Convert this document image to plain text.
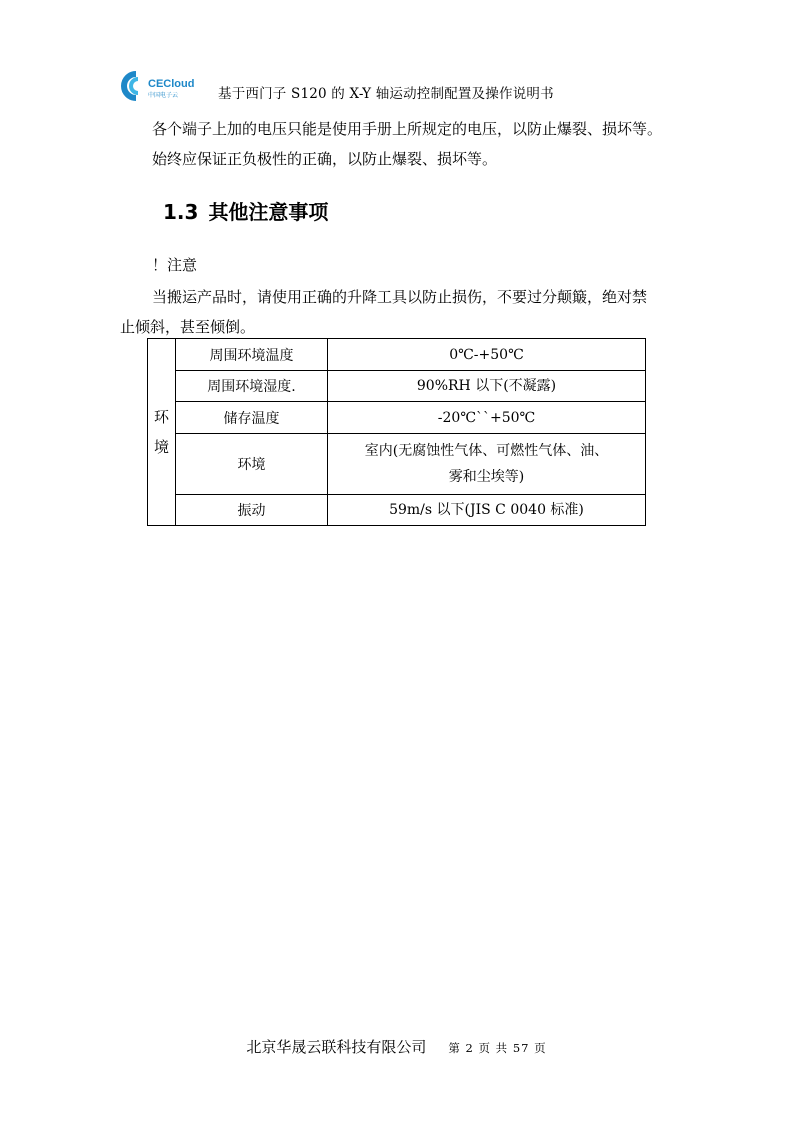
CECloud
中国电子云	基于西门子 S120 的 X-Y 轴运动控制配置及操作说明书
各个端子上加的电压只能是使用手册上所规定的电压，以防止爆裂、损坏等。
始终应保证正负极性的正确，以防止爆裂、损坏等。
1.3 其他注意事项
！注意
当搬运产品时，请使用正确的升降工具以防止损伤，不要过分颠簸，绝对禁
止倾斜，甚至倾倒。
环
境	周围环境温度	0℃-+50℃
	周围环境湿度.	90%RH 以下(不凝露)
	储存温度	-20℃``+50℃
	环境	室内(无腐蚀性气体、可燃性气体、油、
雾和尘埃等)

	振动	59m/s 以下(JIS C 0040 标准)
北京华晟云联科技有限公司 第 2 页 共 57 页
